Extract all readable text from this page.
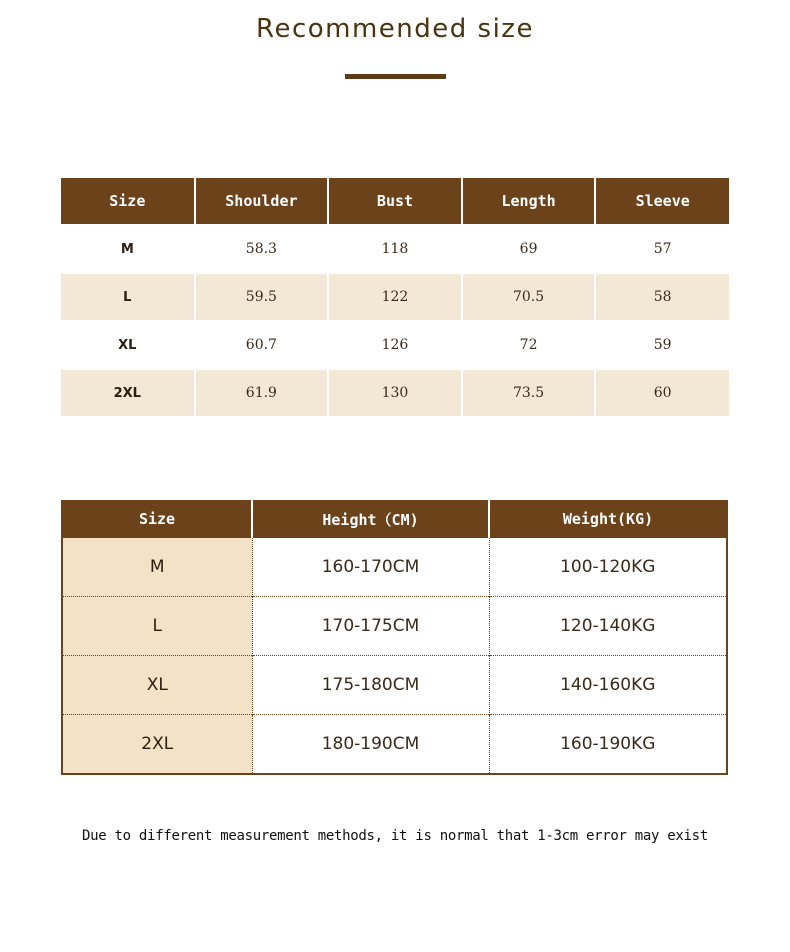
Recommended size
Size	Shoulder	Bust	Length	Sleeve
M	58.3	118	69	57
L	59.5	122	70.5	58
XL	60.7	126	72	59
2XL	61.9	130	73.5	60
Size	Height（CM)	Weight(KG)
M	160-170CM	100-120KG
L	170-175CM	120-140KG
XL	175-180CM	140-160KG
2XL	180-190CM	160-190KG
Due to different measurement methods, it is normal that 1-3cm error may exist
